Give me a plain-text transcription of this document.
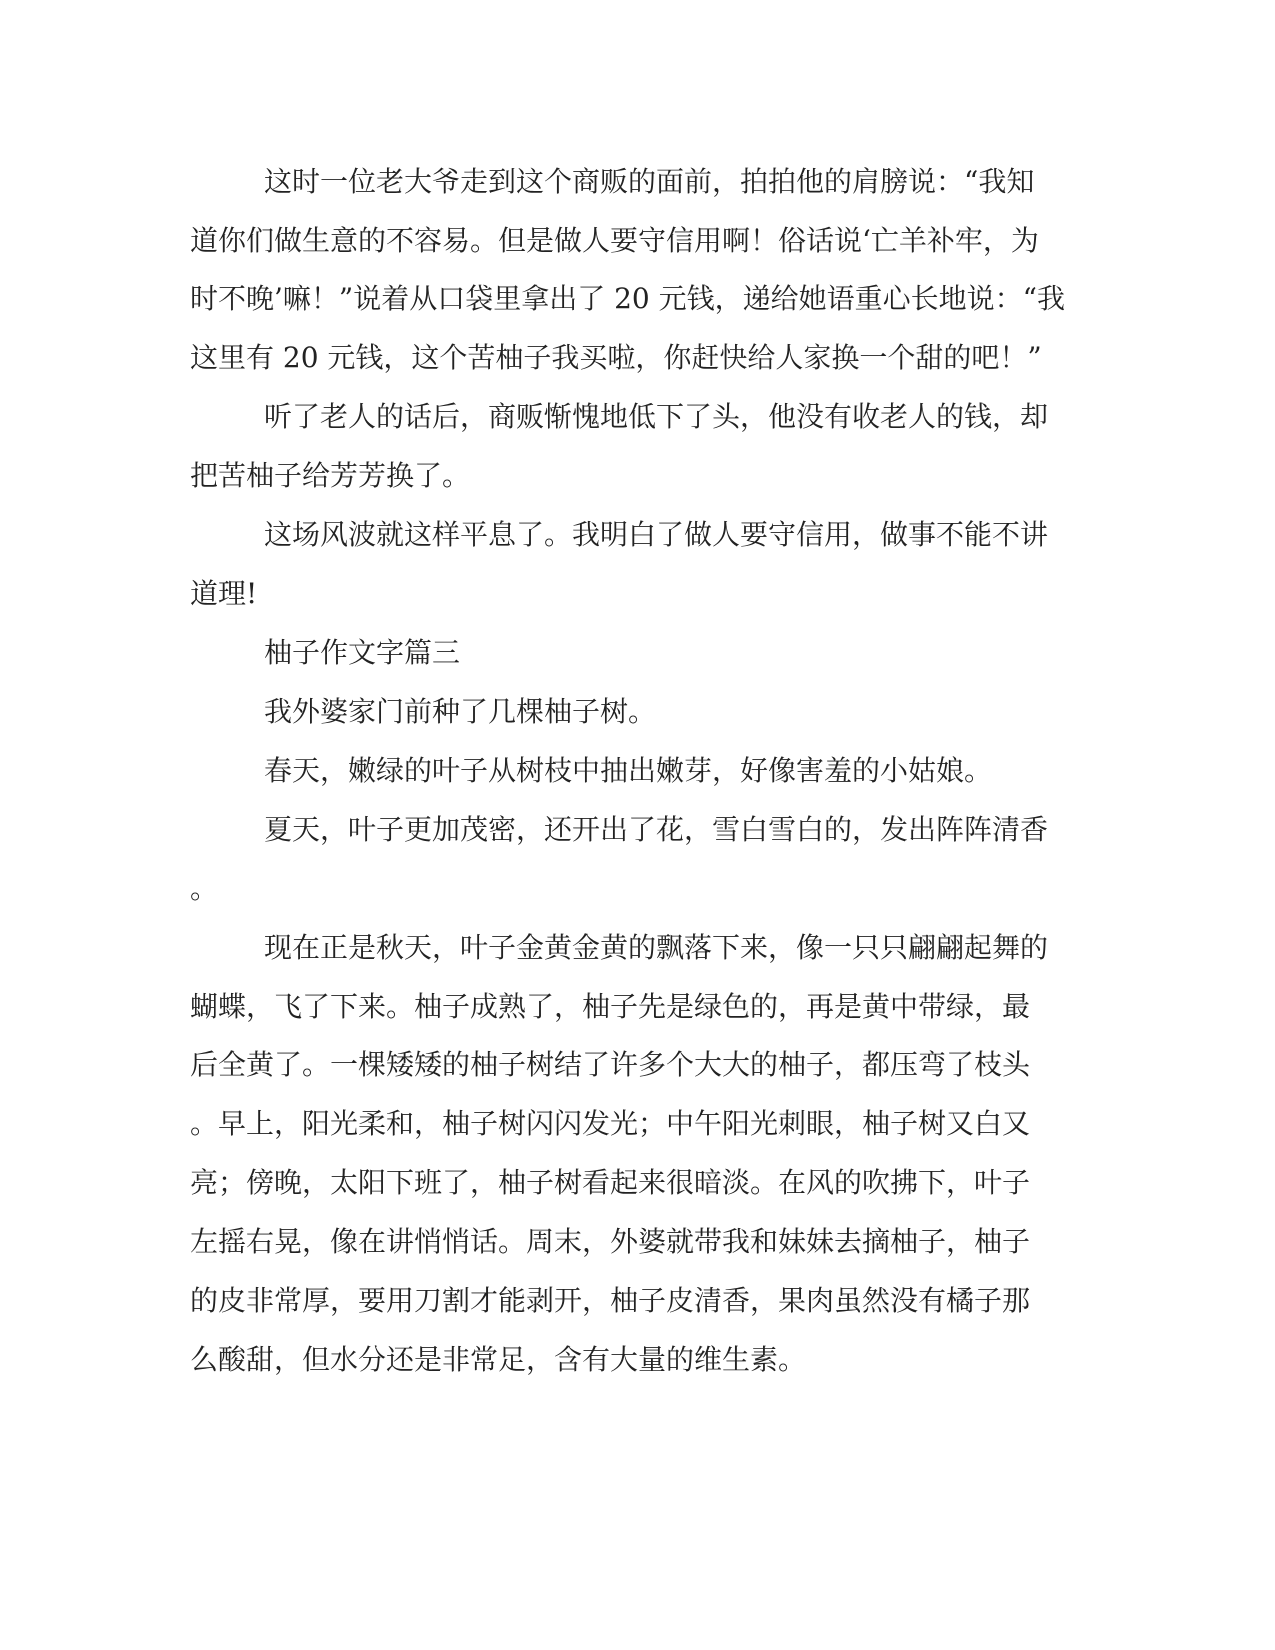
这时一位老大爷走到这个商贩的面前，拍拍他的肩膀说：“我知
道你们做生意的不容易。但是做人要守信用啊！俗话说‘亡羊补牢，为
时不晚’嘛！”说着从口袋里拿出了 20 元钱，递给她语重心长地说：“我
这里有 20 元钱，这个苦柚子我买啦，你赶快给人家换一个甜的吧！”
听了老人的话后，商贩惭愧地低下了头，他没有收老人的钱，却
把苦柚子给芳芳换了。
这场风波就这样平息了。我明白了做人要守信用，做事不能不讲
道理!
柚子作文字篇三
我外婆家门前种了几棵柚子树。
春天，嫩绿的叶子从树枝中抽出嫩芽，好像害羞的小姑娘。
夏天，叶子更加茂密，还开出了花，雪白雪白的，发出阵阵清香
。
现在正是秋天，叶子金黄金黄的飘落下来，像一只只翩翩起舞的
蝴蝶，飞了下来。柚子成熟了，柚子先是绿色的，再是黄中带绿，最
后全黄了。一棵矮矮的柚子树结了许多个大大的柚子，都压弯了枝头
。早上，阳光柔和，柚子树闪闪发光；中午阳光刺眼，柚子树又白又
亮；傍晚，太阳下班了，柚子树看起来很暗淡。在风的吹拂下，叶子
左摇右晃，像在讲悄悄话。周末，外婆就带我和妹妹去摘柚子，柚子
的皮非常厚，要用刀割才能剥开，柚子皮清香，果肉虽然没有橘子那
么酸甜，但水分还是非常足，含有大量的维生素。
